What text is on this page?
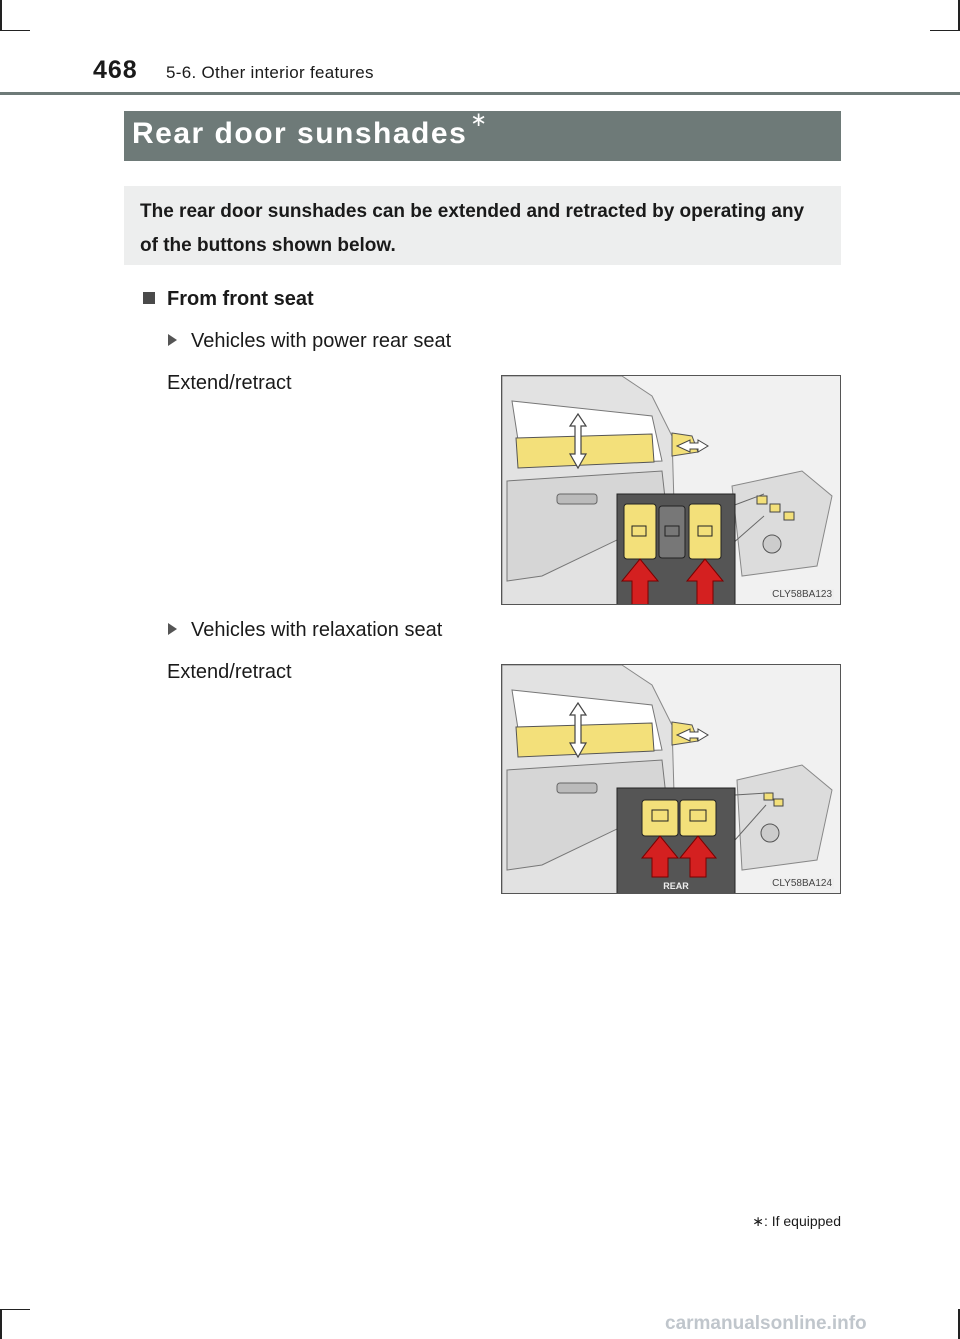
468 5-6. Other interior features
Rear door sunshades ∗
The rear door sunshades can be extended and retracted by operating any of the buttons shown below.
From front seat
Vehicles with power rear seat
Extend/retract
CLY58BA123
Vehicles with relaxation seat
Extend/retract
REAR	CLY58BA124
∗: If equipped
carmanualsonline.info
